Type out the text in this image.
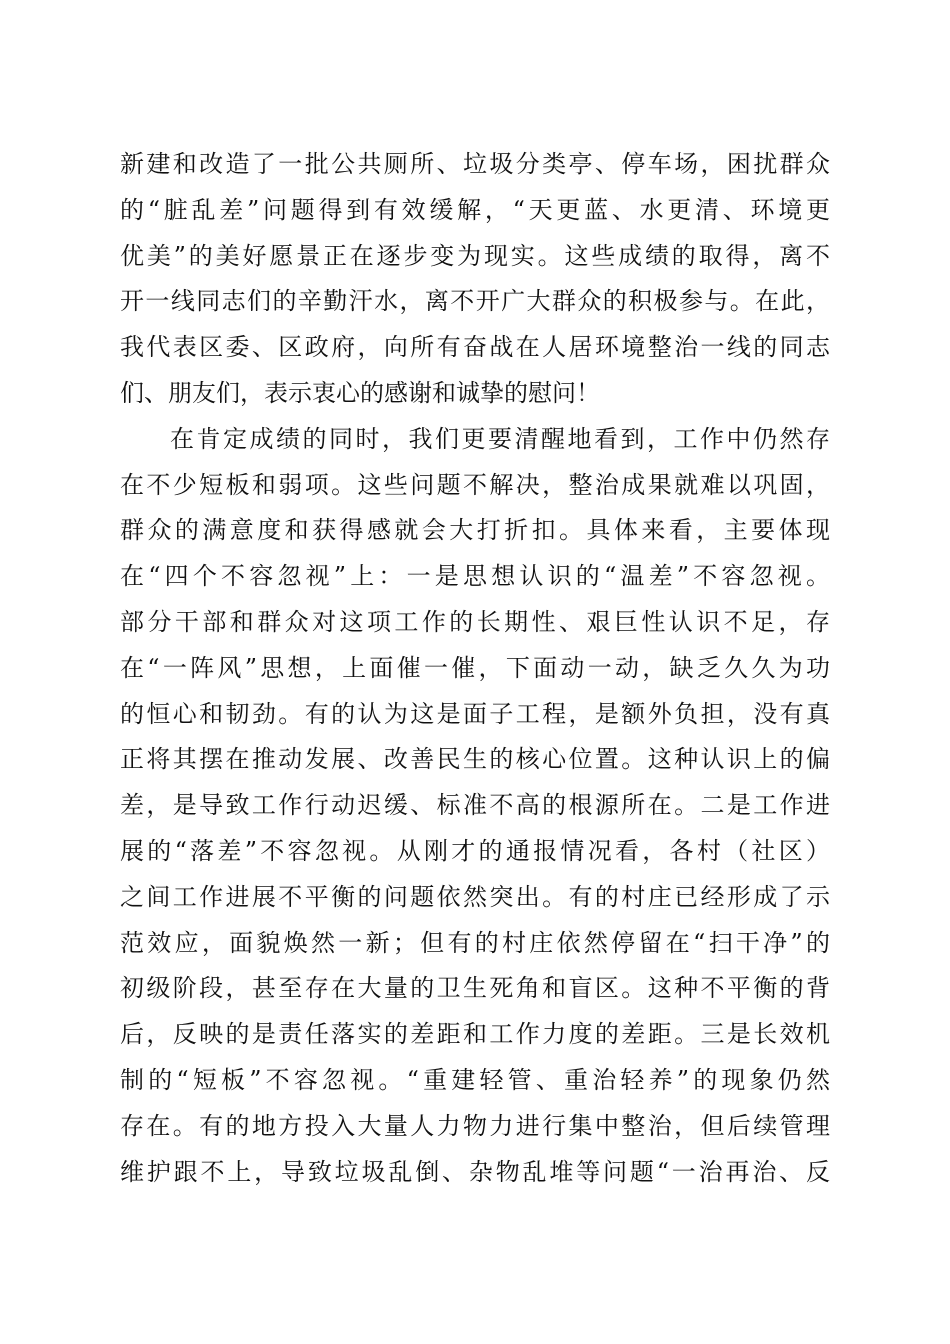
新建和改造了一批公共厕所、垃圾分类亭、停车场，困扰群众
的“脏乱差”问题得到有效缓解，“天更蓝、水更清、环境更
优美”的美好愿景正在逐步变为现实。这些成绩的取得，离不
开一线同志们的辛勤汗水，离不开广大群众的积极参与。在此，
我代表区委、区政府，向所有奋战在人居环境整治一线的同志
们、朋友们，表示衷心的感谢和诚挚的慰问！
在肯定成绩的同时，我们更要清醒地看到，工作中仍然存
在不少短板和弱项。这些问题不解决，整治成果就难以巩固，
群众的满意度和获得感就会大打折扣。具体来看，主要体现
在“四个不容忽视”上：一是思想认识的“温差”不容忽视。
部分干部和群众对这项工作的长期性、艰巨性认识不足，存
在“一阵风”思想，上面催一催，下面动一动，缺乏久久为功
的恒心和韧劲。有的认为这是面子工程，是额外负担，没有真
正将其摆在推动发展、改善民生的核心位置。这种认识上的偏
差，是导致工作行动迟缓、标准不高的根源所在。二是工作进
展的“落差”不容忽视。从刚才的通报情况看，各村（社区）
之间工作进展不平衡的问题依然突出。有的村庄已经形成了示
范效应，面貌焕然一新；但有的村庄依然停留在“扫干净”的
初级阶段，甚至存在大量的卫生死角和盲区。这种不平衡的背
后，反映的是责任落实的差距和工作力度的差距。三是长效机
制的“短板”不容忽视。“重建轻管、重治轻养”的现象仍然
存在。有的地方投入大量人力物力进行集中整治，但后续管理
维护跟不上，导致垃圾乱倒、杂物乱堆等问题“一治再治、反
